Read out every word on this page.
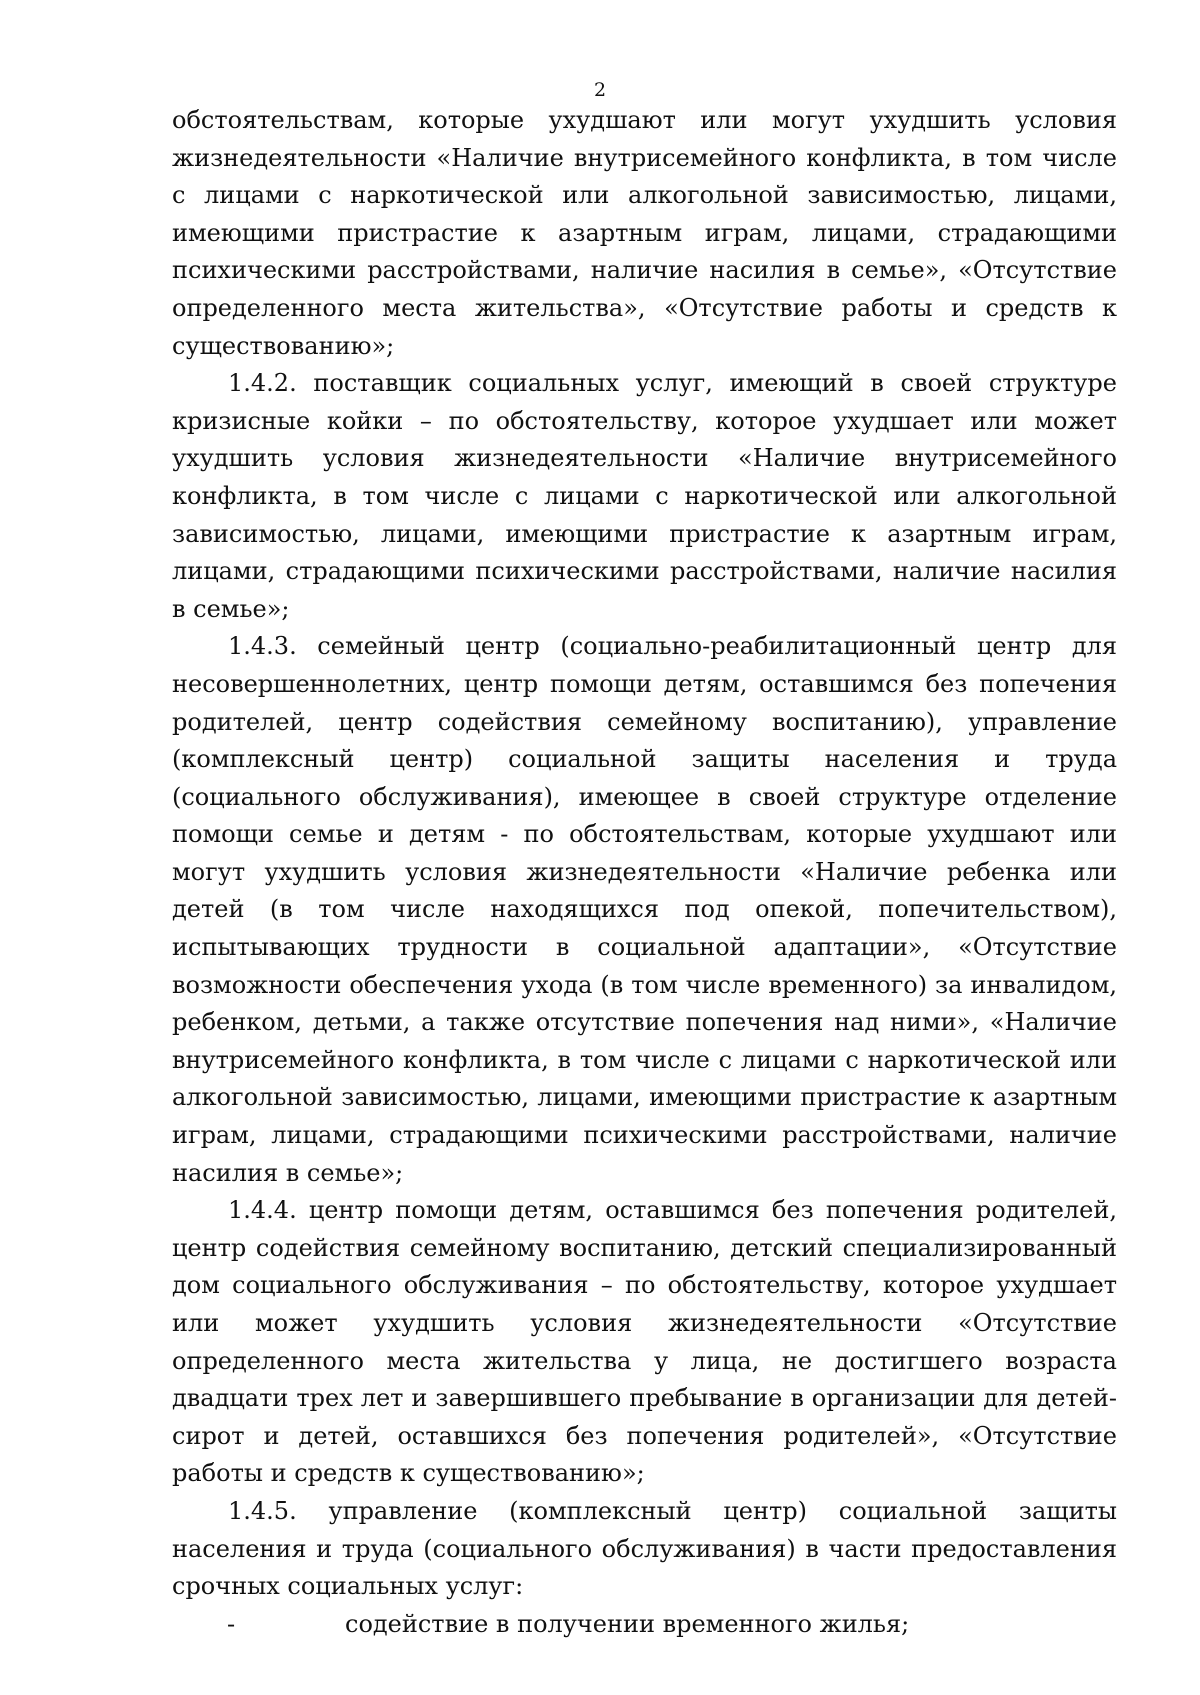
2

обстоятельствам, которые ухудшают или могут ухудшить условия жизнедеятельности «Наличие внутрисемейного конфликта, в том числе с лицами с наркотической или алкогольной зависимостью, лицами, имеющими пристрастие к азартным играм, лицами, страдающими психическими расстройствами, наличие насилия в семье», «Отсутствие определенного места жительства», «Отсутствие работы и средств к существованию»;

1.4.2. поставщик социальных услуг, имеющий в своей структуре кризисные койки – по обстоятельству, которое ухудшает или может ухудшить условия жизнедеятельности «Наличие внутрисемейного конфликта, в том числе с лицами с наркотической или алкогольной зависимостью, лицами, имеющими пристрастие к азартным играм, лицами, страдающими психическими расстройствами, наличие насилия в семье»;

1.4.3. семейный центр (социально-реабилитационный центр для несовершеннолетних, центр помощи детям, оставшимся без попечения родителей, центр содействия семейному воспитанию), управление (комплексный центр) социальной защиты населения и труда (социального обслуживания), имеющее в своей структуре отделение помощи семье и детям - по обстоятельствам, которые ухудшают или могут ухудшить условия жизнедеятельности «Наличие ребенка или детей (в том числе находящихся под опекой, попечительством), испытывающих трудности в социальной адаптации», «Отсутствие возможности обеспечения ухода (в том числе временного) за инвалидом, ребенком, детьми, а также отсутствие попечения над ними», «Наличие внутрисемейного конфликта, в том числе с лицами с наркотической или алкогольной зависимостью, лицами, имеющими пристрастие к азартным играм, лицами, страдающими психическими расстройствами, наличие насилия в семье»;

1.4.4. центр помощи детям, оставшимся без попечения родителей, центр содействия семейному воспитанию, детский специализированный дом социального обслуживания – по обстоятельству, которое ухудшает или может ухудшить условия жизнедеятельности «Отсутствие определенного места жительства у лица, не достигшего возраста двадцати трех лет и завершившего пребывание в организации для детей-сирот и детей, оставшихся без попечения родителей», «Отсутствие работы и средств к существованию»;

1.4.5. управление (комплексный центр) социальной защиты населения и труда (социального обслуживания) в части предоставления срочных социальных услуг:

-	содействие в получении временного жилья;
